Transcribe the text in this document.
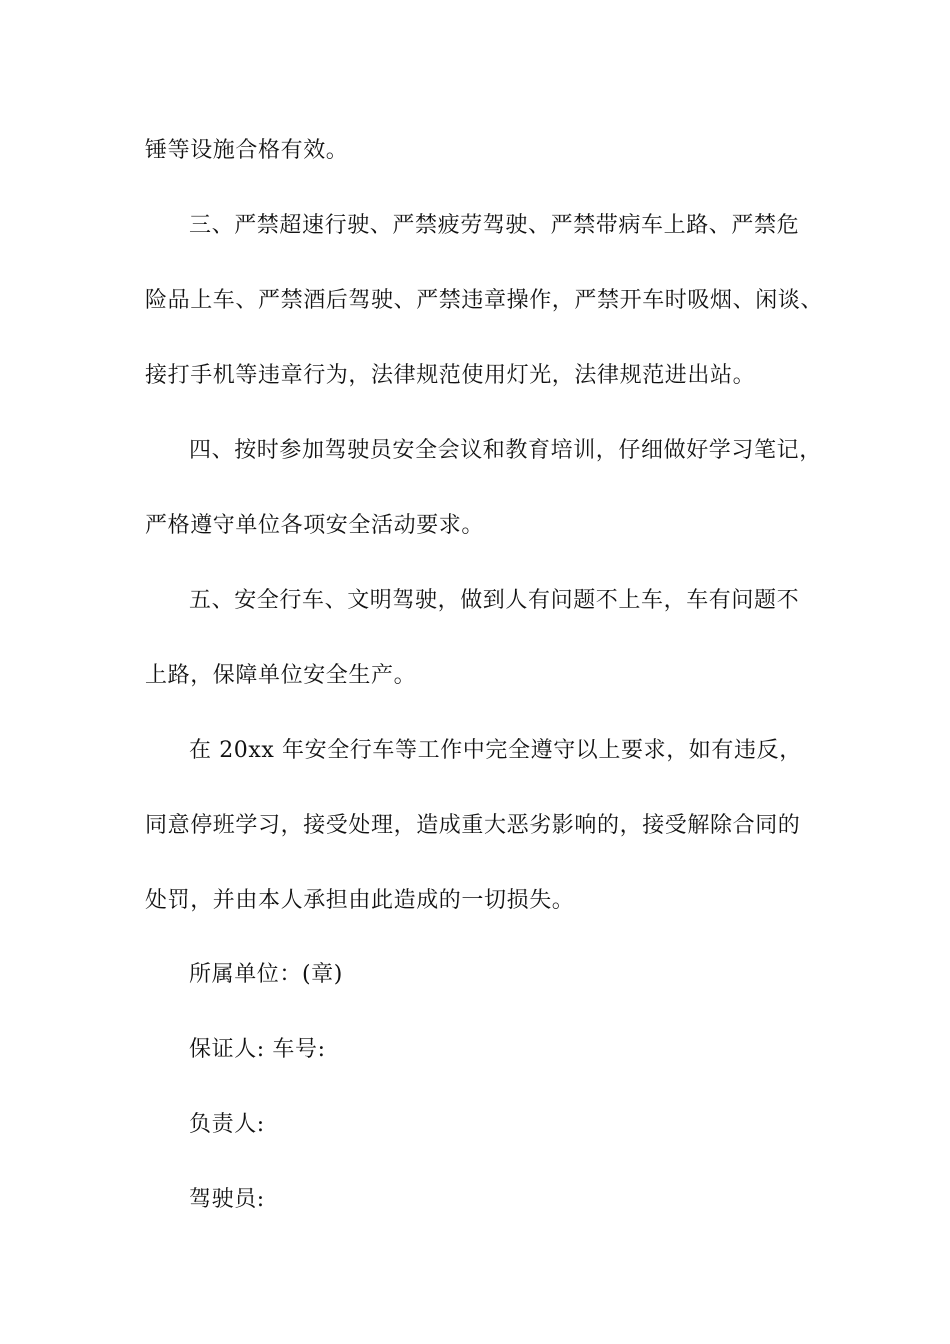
锤等设施合格有效。
三、严禁超速行驶、严禁疲劳驾驶、严禁带病车上路、严禁危
险品上车、严禁酒后驾驶、严禁违章操作，严禁开车时吸烟、闲谈、
接打手机等违章行为，法律规范使用灯光，法律规范进出站。
四、按时参加驾驶员安全会议和教育培训，仔细做好学习笔记，
严格遵守单位各项安全活动要求。
五、安全行车、文明驾驶，做到人有问题不上车，车有问题不
上路，保障单位安全生产。
在 20xx 年安全行车等工作中完全遵守以上要求，如有违反，
同意停班学习，接受处理，造成重大恶劣影响的，接受解除合同的
处罚，并由本人承担由此造成的一切损失。
所属单位：(章)
保证人: 车号:
负责人:
驾驶员:
